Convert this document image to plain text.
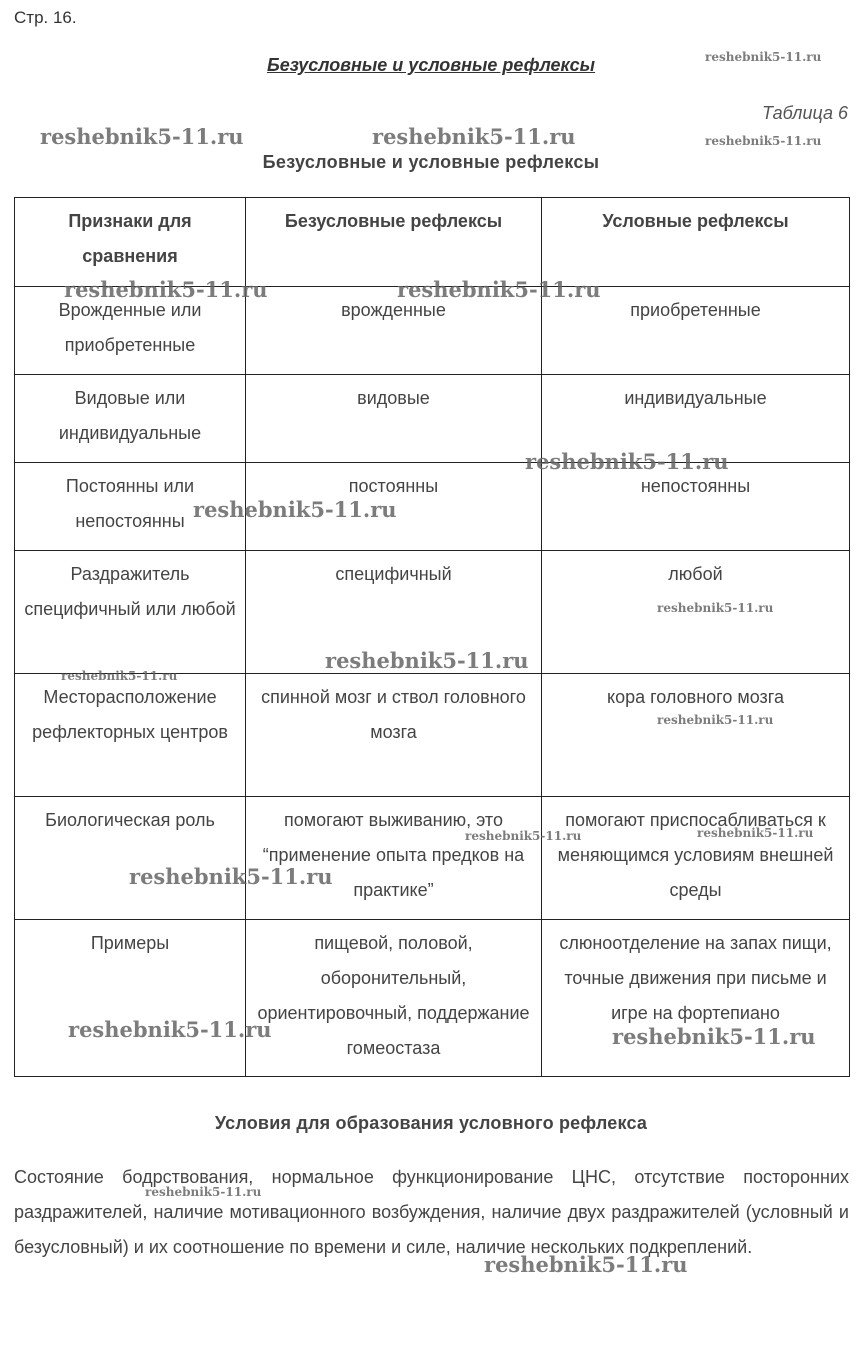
Стр. 16.
Безусловные и условные рефлексы
Таблица 6
Безусловные и условные рефлексы
Признаки для сравнения	Безусловные рефлексы	Условные рефлексы
Врожденные или приобретенные	врожденные	приобретенные
Видовые или индивидуальные	видовые	индивидуальные
Постоянны или непостоянны	постоянны	непостоянны
Раздражитель специфичный или любой	специфичный	любой
Месторасположение рефлекторных центров	спинной мозг и ствол головного мозга	кора головного мозга
Биологическая роль	помогают выживанию, это “применение опыта предков на практике”	помогают приспосабливаться к меняющимся условиям внешней среды
Примеры	пищевой, половой, оборонительный, ориентировочный, поддержание гомеостаза	слюноотделение на запах пищи, точные движения при письме и игре на фортепиано
Условия для образования условного рефлекса

Состояние бодрствования, нормальное функционирование ЦНС, отсутствие посторонних раздражителей, наличие мотивационного возбуждения, наличие двух раздражителей (условный и безусловный) и их соотношение по времени и силе, наличие нескольких подкреплений.

reshebnik5-11.ru
reshebnik5-11.ru	reshebnik5-11.ru	reshebnik5-11.ru
reshebnik5-11.ru	reshebnik5-11.ru
reshebnik5-11.ru
reshebnik5-11.ru
reshebnik5-11.ru
reshebnik5-11.ru
reshebnik5-11.ru
reshebnik5-11.ru
reshebnik5-11.ru	reshebnik5-11.ru
reshebnik5-11.ru
reshebnik5-11.ru	reshebnik5-11.ru
reshebnik5-11.ru
reshebnik5-11.ru
